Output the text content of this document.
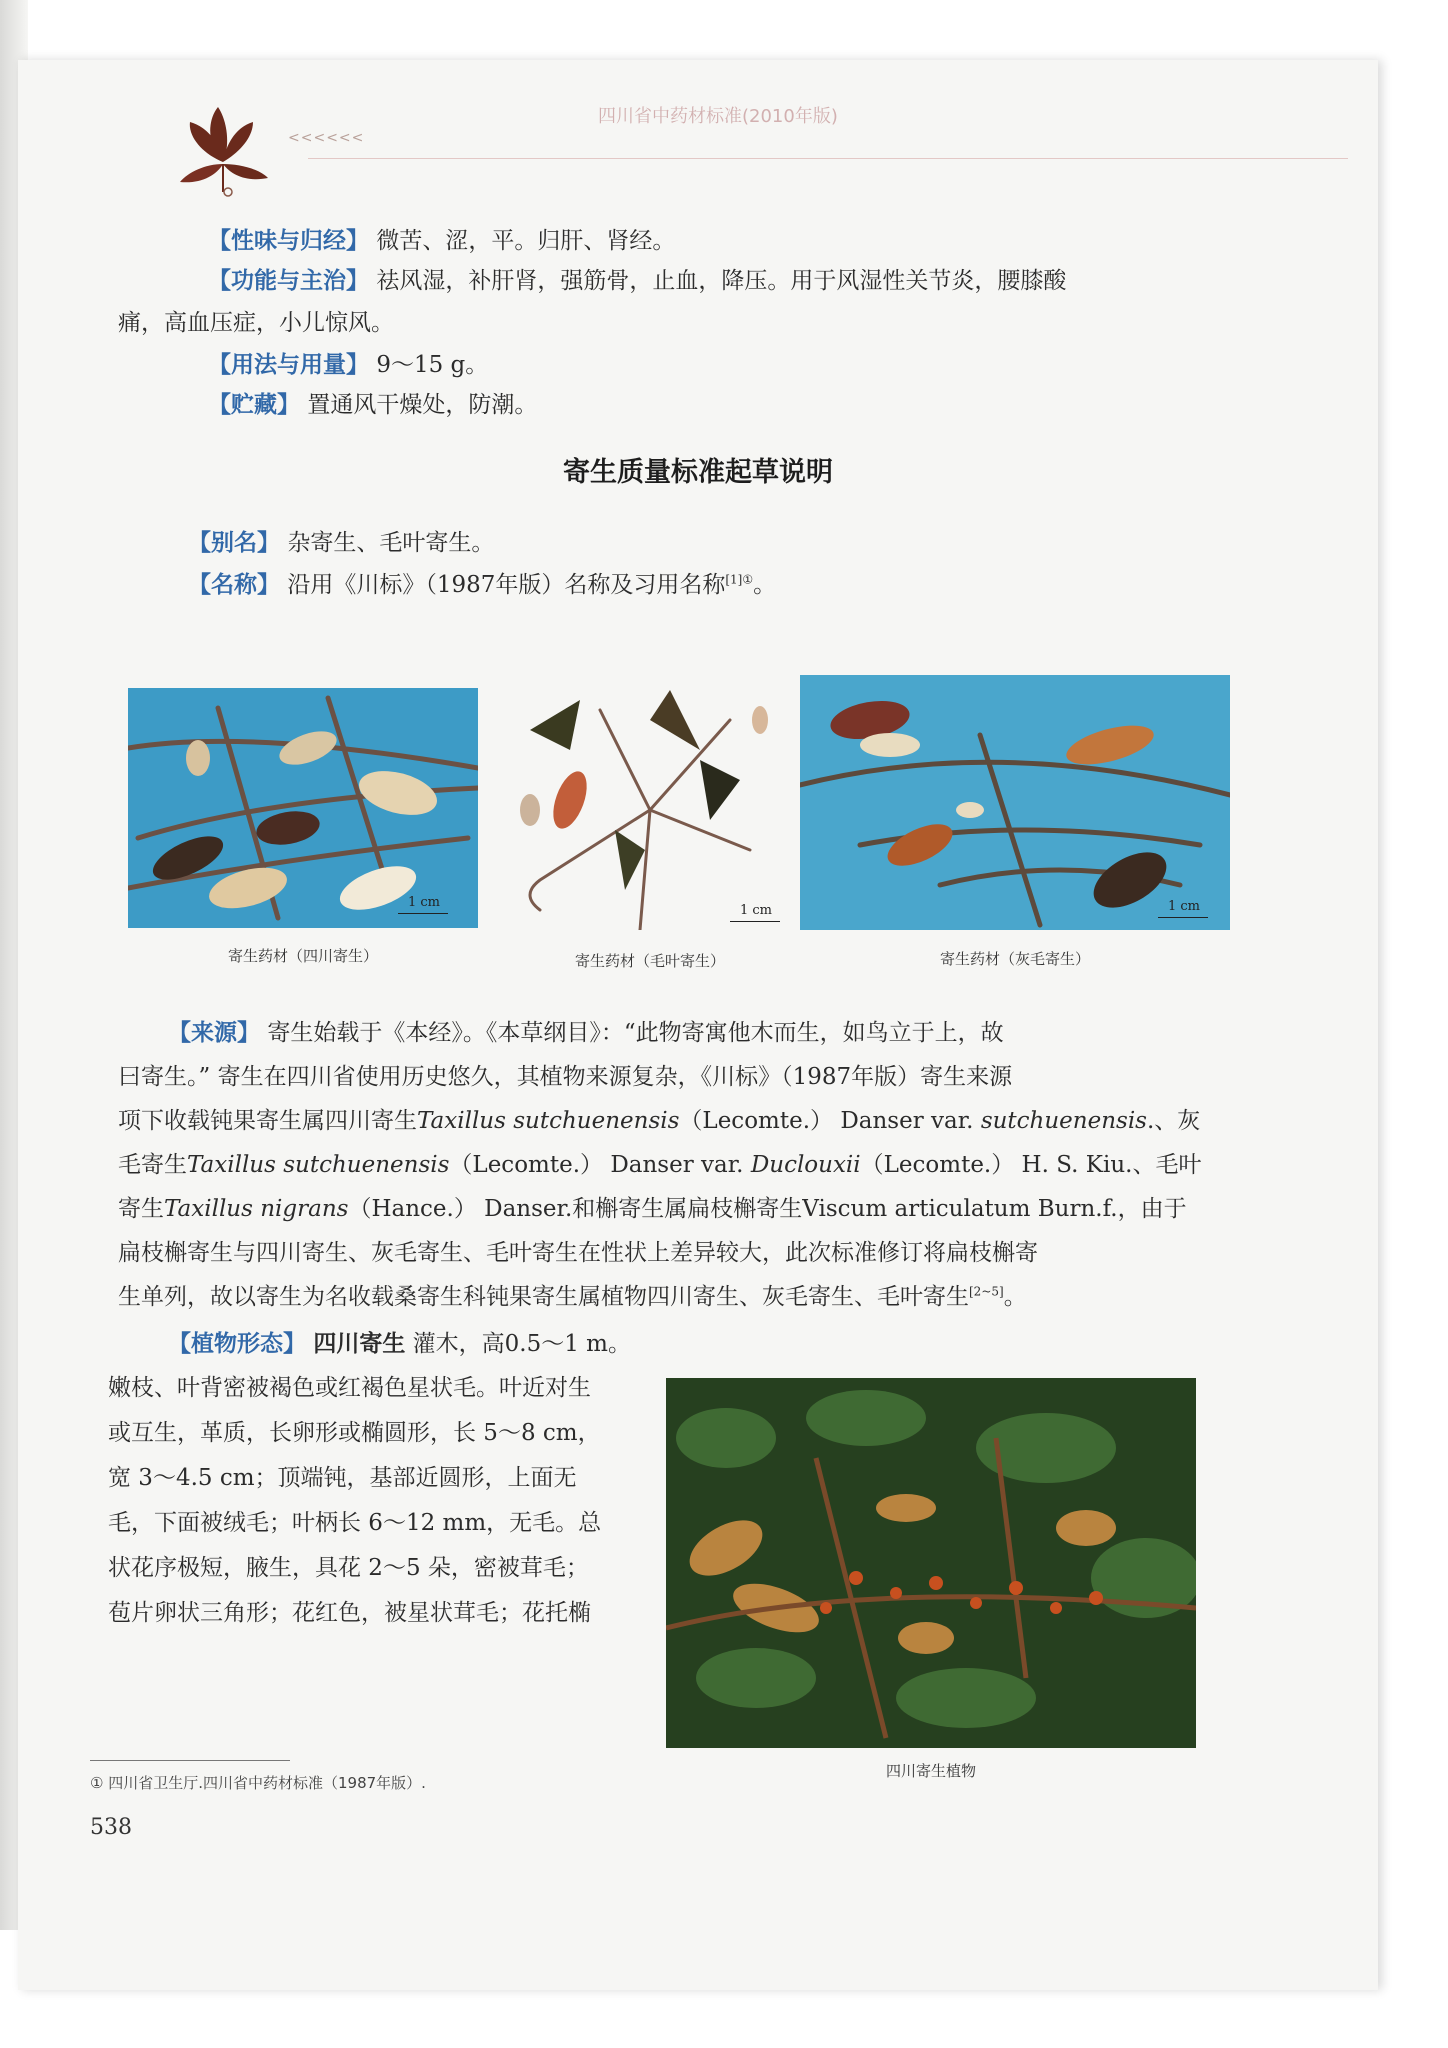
<<<<<<
四川省中药材标准(2010年版)
【性味与归经】 微苦、涩，平。归肝、肾经。
【功能与主治】 祛风湿，补肝肾，强筋骨，止血，降压。用于风湿性关节炎，腰膝酸
痛，高血压症，小儿惊风。
【用法与用量】 9～15 g。
【贮藏】 置通风干燥处，防潮。
寄生质量标准起草说明
【别名】 杂寄生、毛叶寄生。
【名称】 沿用《川标》（1987年版）名称及习用名称$^{[1]①}$。
1 cm
寄生药材（四川寄生）
1 cm
寄生药材（毛叶寄生）
1 cm
寄生药材（灰毛寄生）
【来源】 寄生始载于《本经》。《本草纲目》：“此物寄寓他木而生，如鸟立于上，故
曰寄生。” 寄生在四川省使用历史悠久，其植物来源复杂，《川标》（1987年版）寄生来源
项下收载钝果寄生属四川寄生Taxillus sutchuenensis（Lecomte.） Danser var. sutchuenensis.、灰
毛寄生Taxillus sutchuenensis（Lecomte.） Danser var. Duclouxii（Lecomte.） H. S. Kiu.、毛叶
寄生Taxillus nigrans（Hance.） Danser.和槲寄生属扁枝槲寄生Viscum articulatum Burn.f.，由于
扁枝槲寄生与四川寄生、灰毛寄生、毛叶寄生在性状上差异较大，此次标准修订将扁枝槲寄
生单列，故以寄生为名收载桑寄生科钝果寄生属植物四川寄生、灰毛寄生、毛叶寄生[2~5]。
【植物形态】 四川寄生 灌木，高0.5～1 m。
嫩枝、叶背密被褐色或红褐色星状毛。叶近对生
或互生，革质，长卵形或椭圆形，长 5～8 cm，
宽 3～4.5 cm；顶端钝，基部近圆形，上面无
毛，下面被绒毛；叶柄长 6～12 mm，无毛。总
状花序极短，腋生，具花 2～5 朵，密被茸毛；
苞片卵状三角形；花红色，被星状茸毛；花托椭
四川寄生植物
① 四川省卫生厅.四川省中药材标准（1987年版）.
538
